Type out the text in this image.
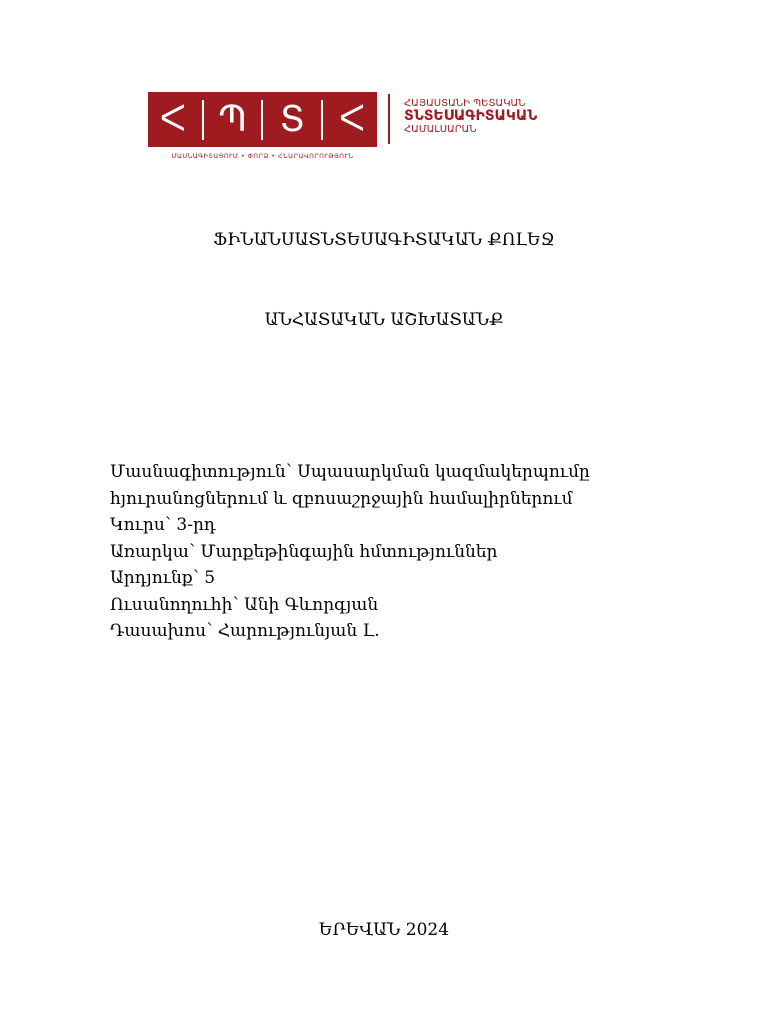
ᐸ Պ Տ ᐸ
ՄԱՍՆԱԳԻՏԱՑՈՒՄ • ՓՈՐՁ • ՀՆԱՐԱՎՈՐՈՒԹՅՈՒՆ
ՀԱՅԱՍՏԱՆԻ ՊԵՏԱԿԱՆ
ՏՆՏԵՍԱԳԻՏԱԿԱՆ
ՀԱՄԱԼՍԱՐԱՆ
ՖԻՆԱՆՍԱՏՆՏԵՍԱԳԻՏԱԿԱՆ ՔՈԼԵՋ
ԱՆՀԱՏԱԿԱՆ ԱՇԽԱՏԱՆՔ
Մասնագիտություն՝ Սպասարկման կազմակերպումը
հյուրանոցներում և զբոսաշրջային համալիրներում
Կուրս՝ 3-րդ
Առարկա՝ Մարքեթինգային հմտություններ
Արդյունք՝ 5
Ուսանողուհի՝ Անի Գևորգյան
Դասախոս՝ Հարությունյան Լ.
ԵՐԵՎԱՆ 2024
